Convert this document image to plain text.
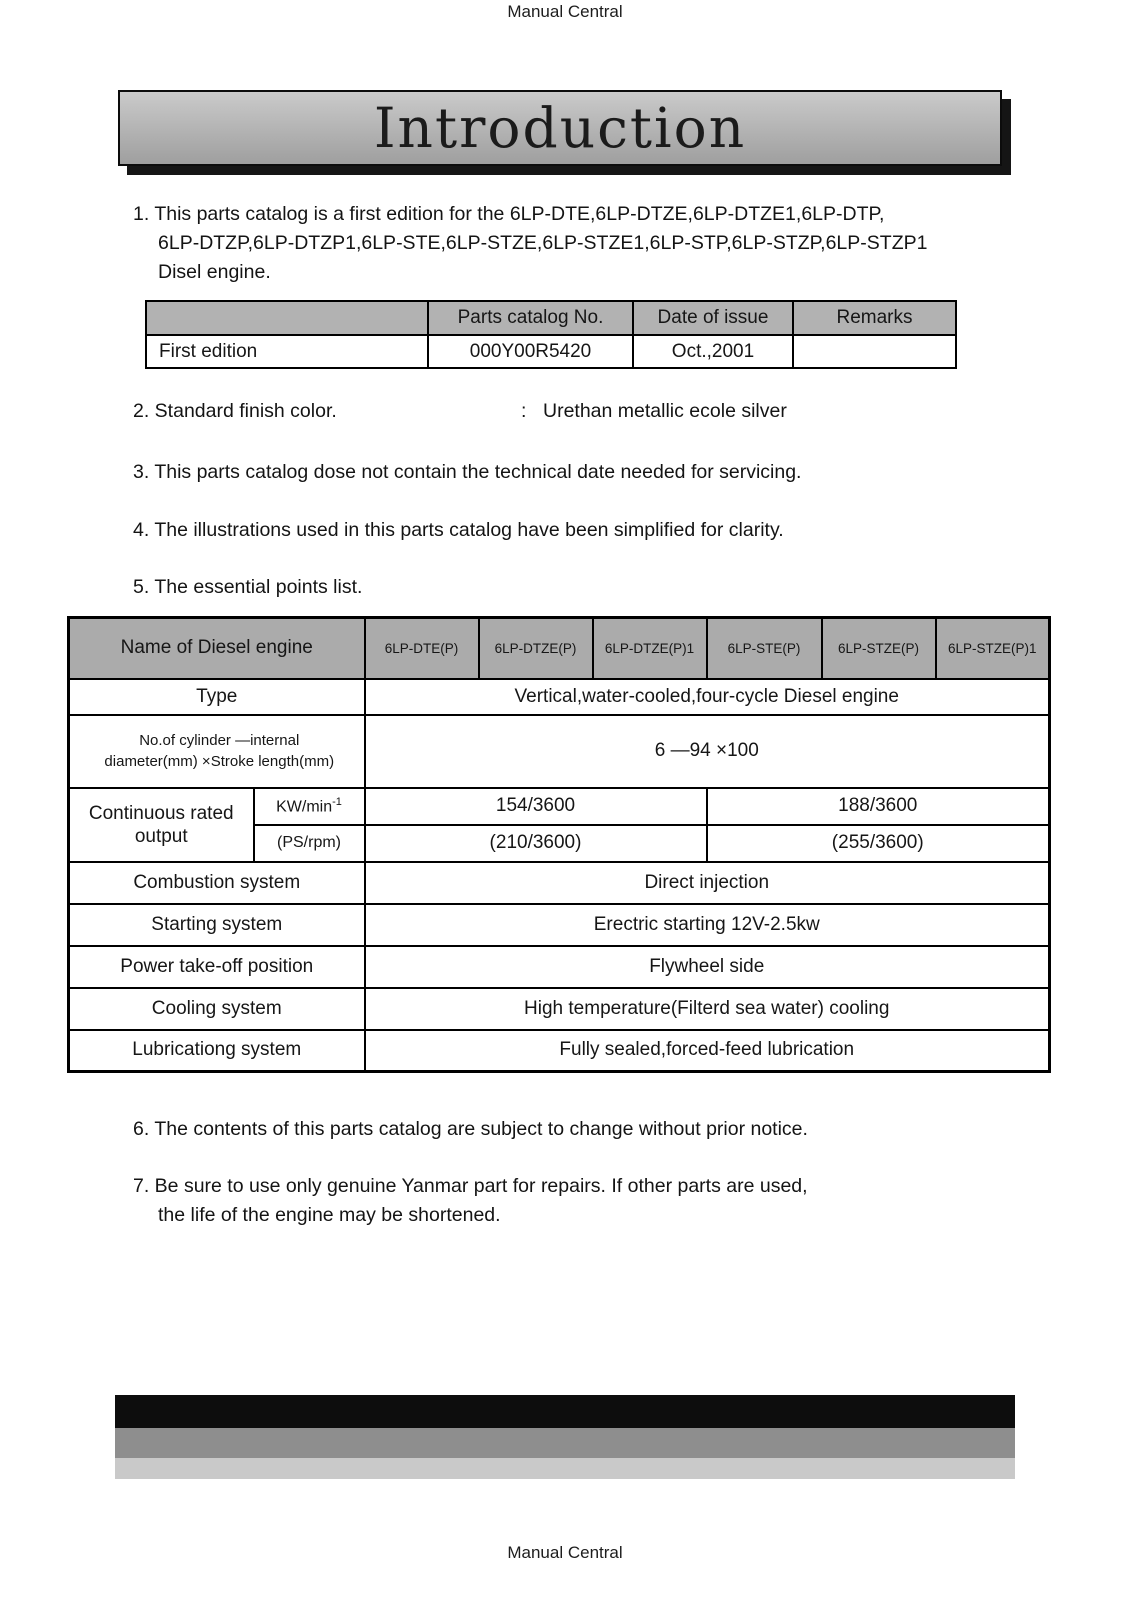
Manual Central
Introduction
1. This parts catalog is a first edition for the 6LP-DTE,6LP-DTZE,6LP-DTZE1,6LP-DTP,
6LP-DTZP,6LP-DTZP1,6LP-STE,6LP-STZE,6LP-STZE1,6LP-STP,6LP-STZP,6LP-STZP1
Disel engine.
	Parts catalog No.	Date of issue	Remarks
First edition	000Y00R5420	Oct.,2001	
2. Standard finish color.	: Urethan metallic ecole silver
3. This parts catalog dose not contain the technical date needed for servicing.
4. The illustrations used in this parts catalog have been simplified for clarity.
5. The essential points list.
Name of Diesel engine		6LP-DTE(P)	6LP-DTZE(P)	6LP-DTZE(P)1	6LP-STE(P)	6LP-STZE(P)	6LP-STZE(P)1
Type		Vertical,water-cooled,four-cycle Diesel engine					

No.of cylinder —internal
diameter(mm) ×Stroke length(mm)		6 —94 ×100					

Continuous rated
output	$KW/\min^{-1}$	154/3600			188/3600		
	(PS/rpm)	(210/3600)			(255/3600)		
Combustion system		Direct injection					
Starting system		Erectric starting 12V-2.5kw					
Power take-off position		Flywheel side					
Cooling system		High temperature(Filterd sea water) cooling					
Lubricationg system		Fully sealed,forced-feed lubrication					
6. The contents of this parts catalog are subject to change without prior notice.
7. Be sure to use only genuine Yanmar part for repairs. If other parts are used,
the life of the engine may be shortened.
Manual Central
